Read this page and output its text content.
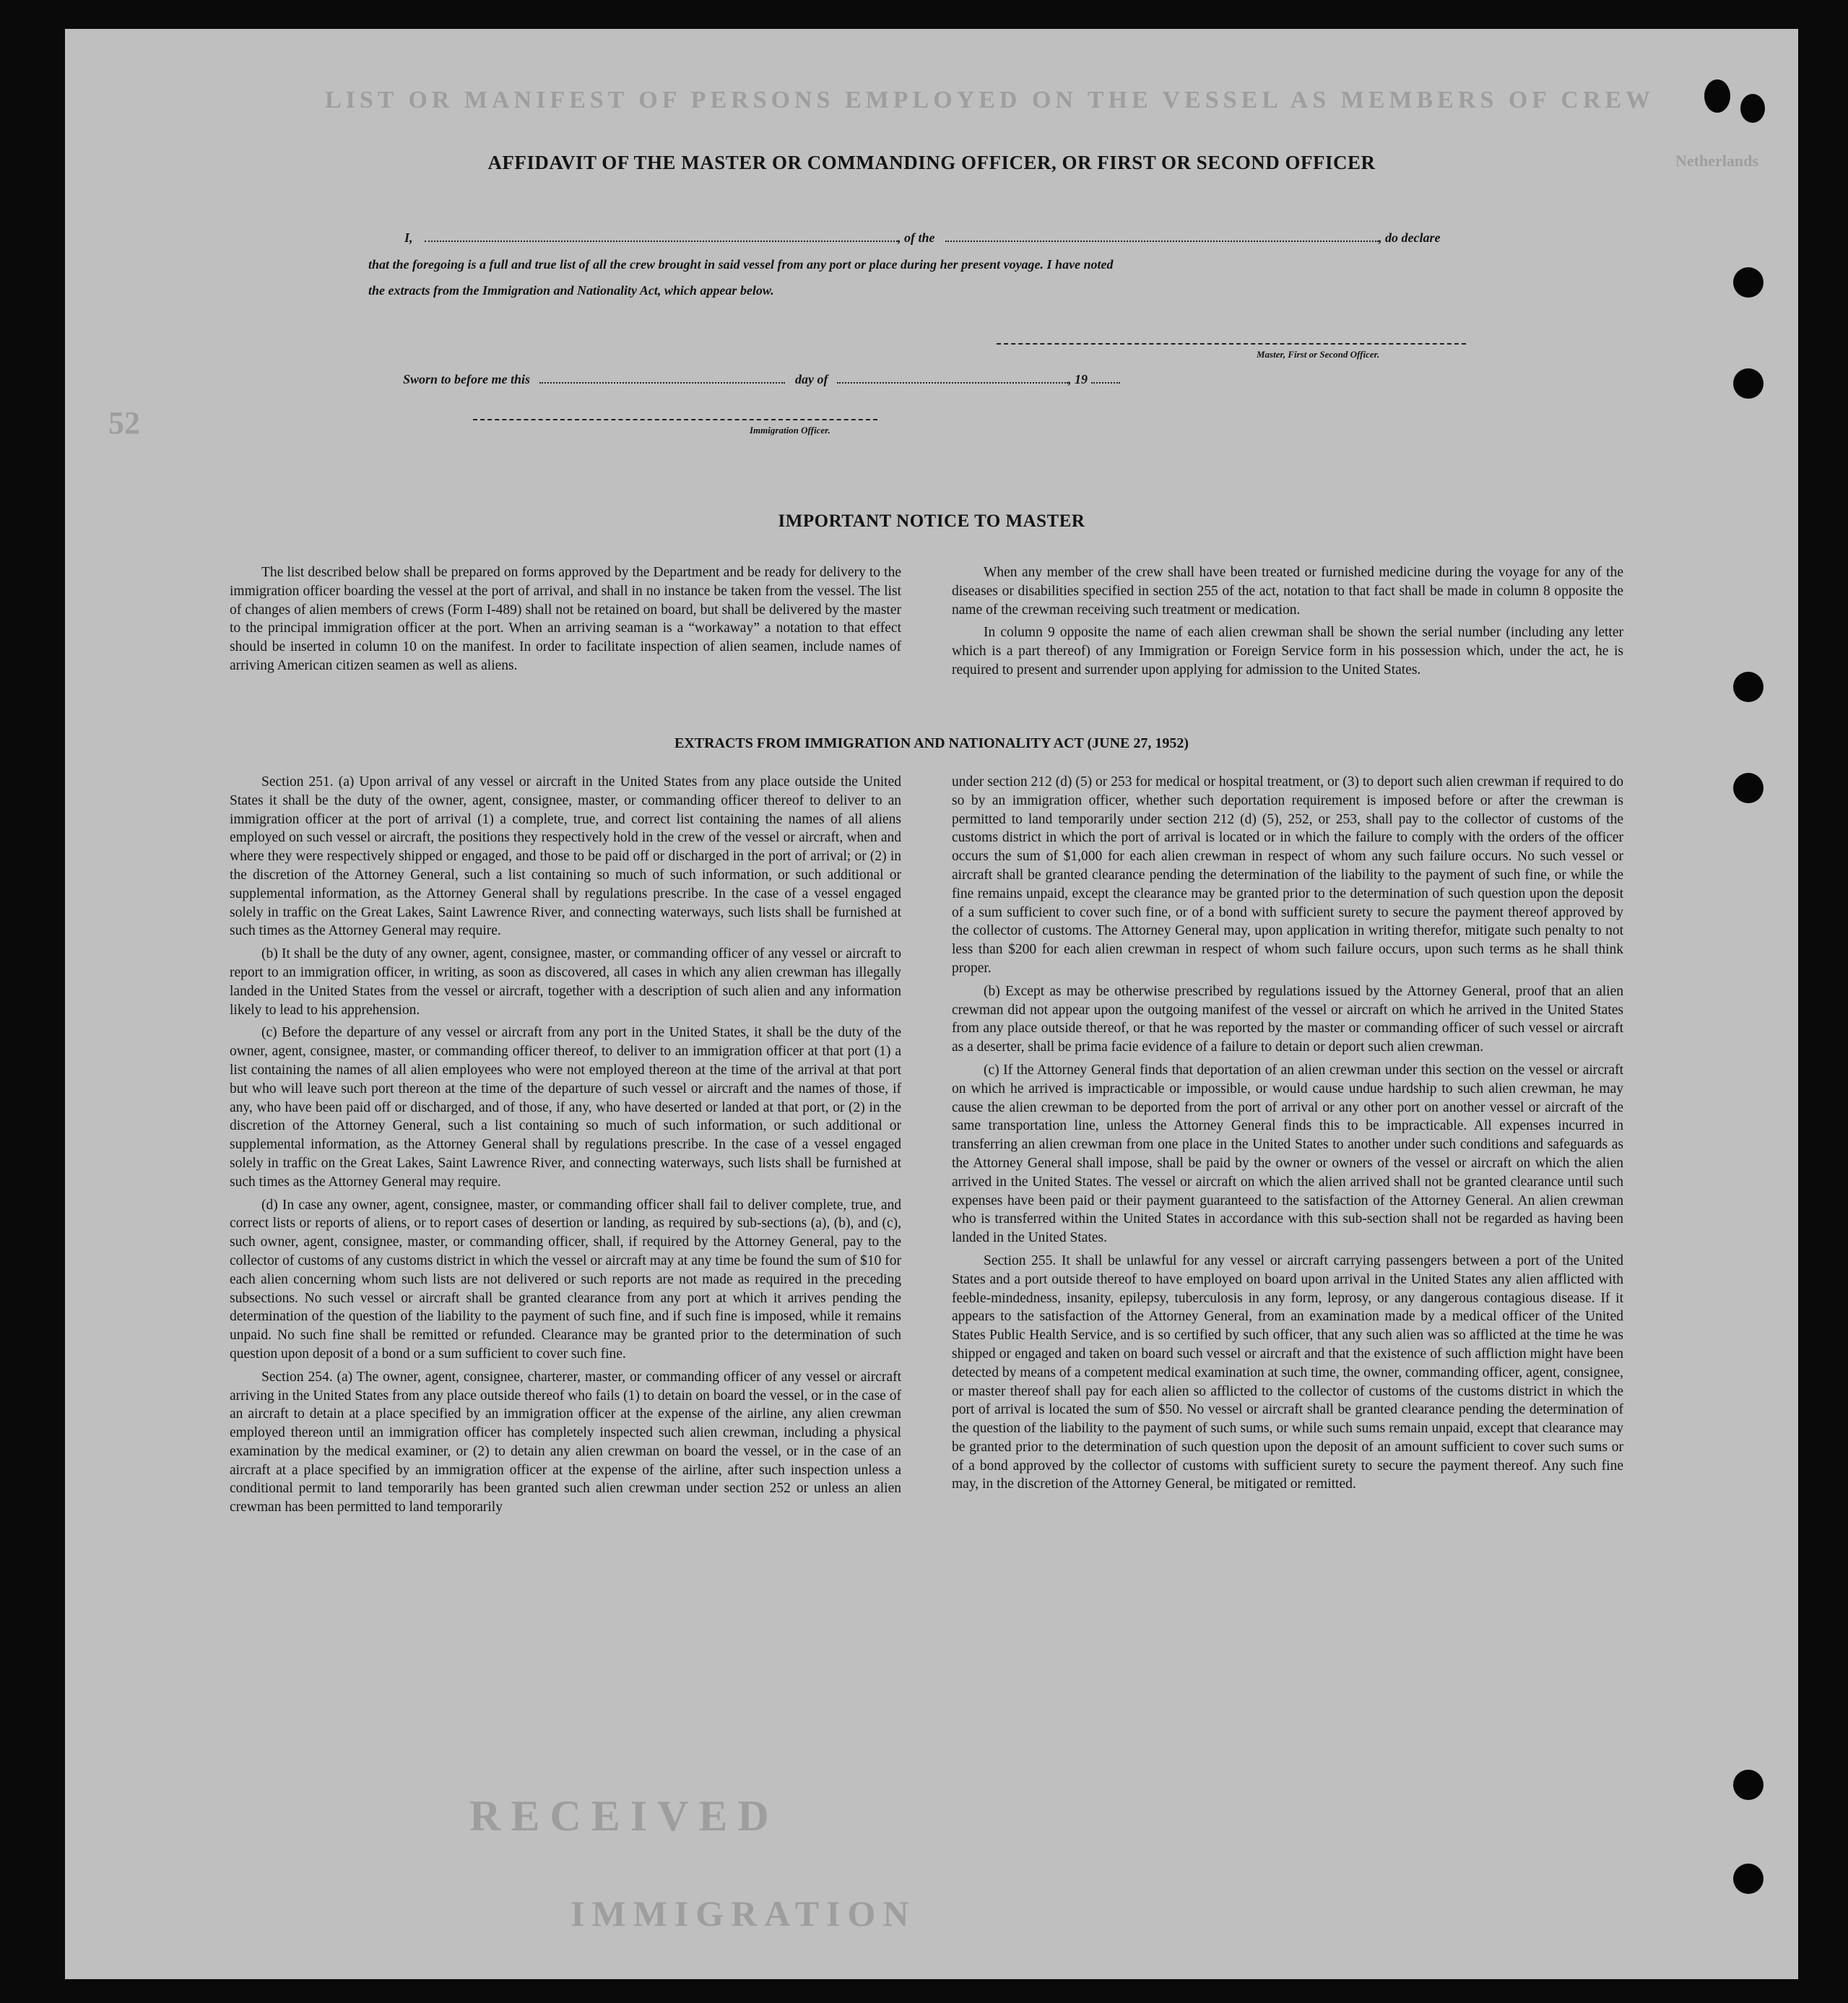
LIST OR MANIFEST OF PERSONS EMPLOYED ON THE VESSEL AS MEMBERS OF CREW
Netherlands
52
RECEIVED
IMMIGRATION
AFFIDAVIT OF THE MASTER OR COMMANDING OFFICER, OR FIRST OR SECOND OFFICER
I,	, of the	, do declare
that the foregoing is a full and true list of all the crew brought in said vessel from any port or place during her present voyage. I have noted
the extracts from the Immigration and Nationality Act, which appear below.
Master, First or Second Officer.
Sworn to before me this	day of	, 19
Immigration Officer.
IMPORTANT NOTICE TO MASTER

The list described below shall be prepared on forms approved by the Department and be ready for delivery to the immigration officer boarding the vessel at the port of arrival, and shall in no instance be taken from the vessel. The list of changes of alien members of crews (Form I-489) shall not be retained on board, but shall be delivered by the master to the principal immigration officer at the port. When an arriving seaman is a “workaway” a notation to that effect should be inserted in column 10 on the manifest. In order to facilitate inspection of alien seamen, include names of arriving American citizen seamen as well as aliens.

When any member of the crew shall have been treated or furnished medicine during the voyage for any of the diseases or disabilities specified in section 255 of the act, notation to that fact shall be made in column 8 opposite the name of the crewman receiving such treatment or medication.

In column 9 opposite the name of each alien crewman shall be shown the serial number (including any letter which is a part thereof) of any Immigration or Foreign Service form in his possession which, under the act, he is required to present and surrender upon applying for admission to the United States.

EXTRACTS FROM IMMIGRATION AND NATIONALITY ACT (JUNE 27, 1952)

Section 251. (a) Upon arrival of any vessel or aircraft in the United States from any place outside the United States it shall be the duty of the owner, agent, consignee, master, or commanding officer thereof to deliver to an immigration officer at the port of arrival (1) a complete, true, and correct list containing the names of all aliens employed on such vessel or aircraft, the positions they respectively hold in the crew of the vessel or aircraft, when and where they were respectively shipped or engaged, and those to be paid off or discharged in the port of arrival; or (2) in the discretion of the Attorney General, such a list containing so much of such information, or such additional or supplemental information, as the Attorney General shall by regulations prescribe. In the case of a vessel engaged solely in traffic on the Great Lakes, Saint Lawrence River, and connecting waterways, such lists shall be furnished at such times as the Attorney General may require.

(b) It shall be the duty of any owner, agent, consignee, master, or commanding officer of any vessel or aircraft to report to an immigration officer, in writing, as soon as discovered, all cases in which any alien crewman has illegally landed in the United States from the vessel or aircraft, together with a description of such alien and any information likely to lead to his apprehension.

(c) Before the departure of any vessel or aircraft from any port in the United States, it shall be the duty of the owner, agent, consignee, master, or commanding officer thereof, to deliver to an immigration officer at that port (1) a list containing the names of all alien employees who were not employed thereon at the time of the arrival at that port but who will leave such port thereon at the time of the departure of such vessel or aircraft and the names of those, if any, who have been paid off or discharged, and of those, if any, who have deserted or landed at that port, or (2) in the discretion of the Attorney General, such a list containing so much of such information, or such additional or supplemental information, as the Attorney General shall by regulations prescribe. In the case of a vessel engaged solely in traffic on the Great Lakes, Saint Lawrence River, and connecting waterways, such lists shall be furnished at such times as the Attorney General may require.

(d) In case any owner, agent, consignee, master, or commanding officer shall fail to deliver complete, true, and correct lists or reports of aliens, or to report cases of desertion or landing, as required by sub-sections (a), (b), and (c), such owner, agent, consignee, master, or commanding officer, shall, if required by the Attorney General, pay to the collector of customs of any customs district in which the vessel or aircraft may at any time be found the sum of $10 for each alien concerning whom such lists are not delivered or such reports are not made as required in the preceding subsections. No such vessel or aircraft shall be granted clearance from any port at which it arrives pending the determination of the question of the liability to the payment of such fine, and if such fine is imposed, while it remains unpaid. No such fine shall be remitted or refunded. Clearance may be granted prior to the determination of such question upon deposit of a bond or a sum sufficient to cover such fine.

Section 254. (a) The owner, agent, consignee, charterer, master, or commanding officer of any vessel or aircraft arriving in the United States from any place outside thereof who fails (1) to detain on board the vessel, or in the case of an aircraft to detain at a place specified by an immigration officer at the expense of the airline, any alien crewman employed thereon until an immigration officer has completely inspected such alien crewman, including a physical examination by the medical examiner, or (2) to detain any alien crewman on board the vessel, or in the case of an aircraft at a place specified by an immigration officer at the expense of the airline, after such inspection unless a conditional permit to land temporarily has been granted such alien crewman under section 252 or unless an alien crewman has been permitted to land temporarily

under section 212 (d) (5) or 253 for medical or hospital treatment, or (3) to deport such alien crewman if required to do so by an immigration officer, whether such deportation requirement is imposed before or after the crewman is permitted to land temporarily under section 212 (d) (5), 252, or 253, shall pay to the collector of customs of the customs district in which the port of arrival is located or in which the failure to comply with the orders of the officer occurs the sum of $1,000 for each alien crewman in respect of whom any such failure occurs. No such vessel or aircraft shall be granted clearance pending the determination of the liability to the payment of such fine, or while the fine remains unpaid, except the clearance may be granted prior to the determination of such question upon the deposit of a sum sufficient to cover such fine, or of a bond with sufficient surety to secure the payment thereof approved by the collector of customs. The Attorney General may, upon application in writing therefor, mitigate such penalty to not less than $200 for each alien crewman in respect of whom such failure occurs, upon such terms as he shall think proper.

(b) Except as may be otherwise prescribed by regulations issued by the Attorney General, proof that an alien crewman did not appear upon the outgoing manifest of the vessel or aircraft on which he arrived in the United States from any place outside thereof, or that he was reported by the master or commanding officer of such vessel or aircraft as a deserter, shall be prima facie evidence of a failure to detain or deport such alien crewman.

(c) If the Attorney General finds that deportation of an alien crewman under this section on the vessel or aircraft on which he arrived is impracticable or impossible, or would cause undue hardship to such alien crewman, he may cause the alien crewman to be deported from the port of arrival or any other port on another vessel or aircraft of the same transportation line, unless the Attorney General finds this to be impracticable. All expenses incurred in transferring an alien crewman from one place in the United States to another under such conditions and safeguards as the Attorney General shall impose, shall be paid by the owner or owners of the vessel or aircraft on which the alien arrived in the United States. The vessel or aircraft on which the alien arrived shall not be granted clearance until such expenses have been paid or their payment guaranteed to the satisfaction of the Attorney General. An alien crewman who is transferred within the United States in accordance with this sub-section shall not be regarded as having been landed in the United States.

Section 255. It shall be unlawful for any vessel or aircraft carrying passengers between a port of the United States and a port outside thereof to have employed on board upon arrival in the United States any alien afflicted with feeble-mindedness, insanity, epilepsy, tuberculosis in any form, leprosy, or any dangerous contagious disease. If it appears to the satisfaction of the Attorney General, from an examination made by a medical officer of the United States Public Health Service, and is so certified by such officer, that any such alien was so afflicted at the time he was shipped or engaged and taken on board such vessel or aircraft and that the existence of such affliction might have been detected by means of a competent medical examination at such time, the owner, commanding officer, agent, consignee, or master thereof shall pay for each alien so afflicted to the collector of customs of the customs district in which the port of arrival is located the sum of $50. No vessel or aircraft shall be granted clearance pending the determination of the question of the liability to the payment of such sums, or while such sums remain unpaid, except that clearance may be granted prior to the determination of such question upon the deposit of an amount sufficient to cover such sums or of a bond approved by the collector of customs with sufficient surety to secure the payment thereof. Any such fine may, in the discretion of the Attorney General, be mitigated or remitted.
